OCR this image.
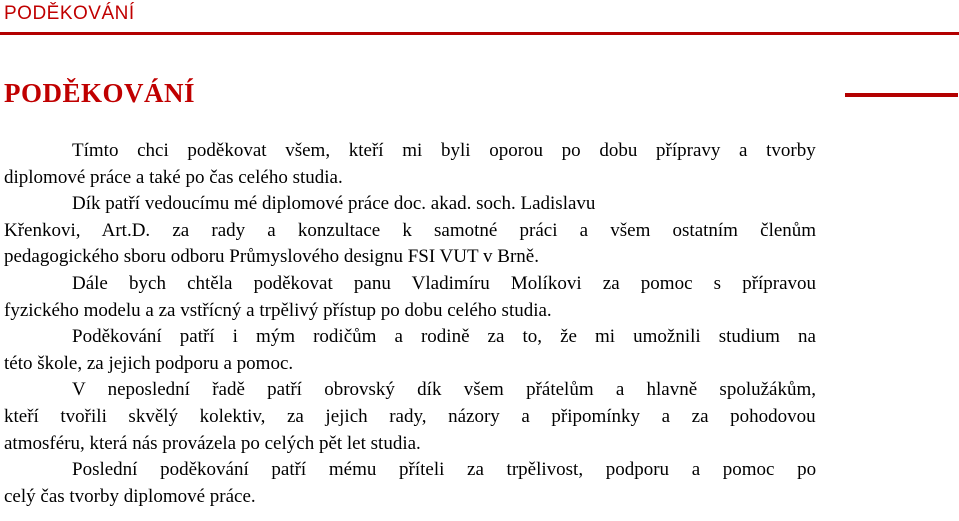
PODĚKOVÁNÍ
PODĚKOVÁNÍ
Tímto chci poděkovat všem, kteří mi byli oporou po dobu přípravy a tvorby
diplomové práce a také po čas celého studia.
Dík patří vedoucímu mé diplomové práce doc. akad. soch. Ladislavu
Křenkovi, Art.D. za rady a konzultace k samotné práci a všem ostatním členům
pedagogického sboru odboru Průmyslového designu FSI VUT v Brně.
Dále bych chtěla poděkovat panu Vladimíru Molíkovi za pomoc s přípravou
fyzického modelu a za vstřícný a trpělivý přístup po dobu celého studia.
Poděkování patří i mým rodičům a rodině za to, že mi umožnili studium na
této škole, za jejich podporu a pomoc.
V neposlední řadě patří obrovský dík všem přátelům a hlavně spolužákům,
kteří tvořili skvělý kolektiv, za jejich rady, názory a připomínky a za pohodovou
atmosféru, která nás provázela po celých pět let studia.
Poslední poděkování patří mému příteli za trpělivost, podporu a pomoc po
celý čas tvorby diplomové práce.
